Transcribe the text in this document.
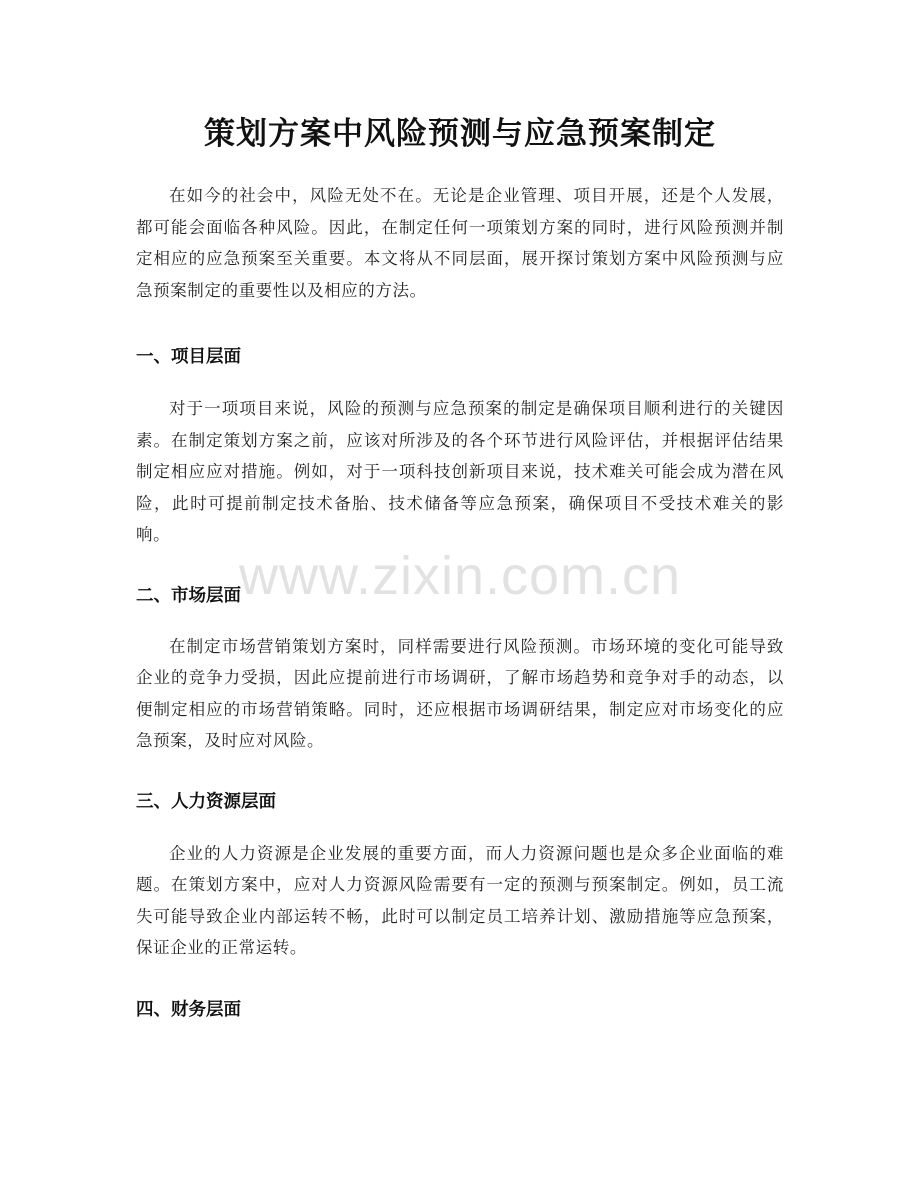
策划方案中风险预测与应急预案制定

在如今的社会中，风险无处不在。无论是企业管理、项目开展，还是个人发展，都可能会面临各种风险。因此，在制定任何一项策划方案的同时，进行风险预测并制定相应的应急预案至关重要。本文将从不同层面，展开探讨策划方案中风险预测与应急预案制定的重要性以及相应的方法。

一、项目层面

对于一项项目来说，风险的预测与应急预案的制定是确保项目顺利进行的关键因素。在制定策划方案之前，应该对所涉及的各个环节进行风险评估，并根据评估结果制定相应应对措施。例如，对于一项科技创新项目来说，技术难关可能会成为潜在风险，此时可提前制定技术备胎、技术储备等应急预案，确保项目不受技术难关的影响。

二、市场层面

在制定市场营销策划方案时，同样需要进行风险预测。市场环境的变化可能导致企业的竞争力受损，因此应提前进行市场调研，了解市场趋势和竞争对手的动态，以便制定相应的市场营销策略。同时，还应根据市场调研结果，制定应对市场变化的应急预案，及时应对风险。

三、人力资源层面

企业的人力资源是企业发展的重要方面，而人力资源问题也是众多企业面临的难题。在策划方案中，应对人力资源风险需要有一定的预测与预案制定。例如，员工流失可能导致企业内部运转不畅，此时可以制定员工培养计划、激励措施等应急预案，保证企业的正常运转。

四、财务层面

www.zixin.com.cn
